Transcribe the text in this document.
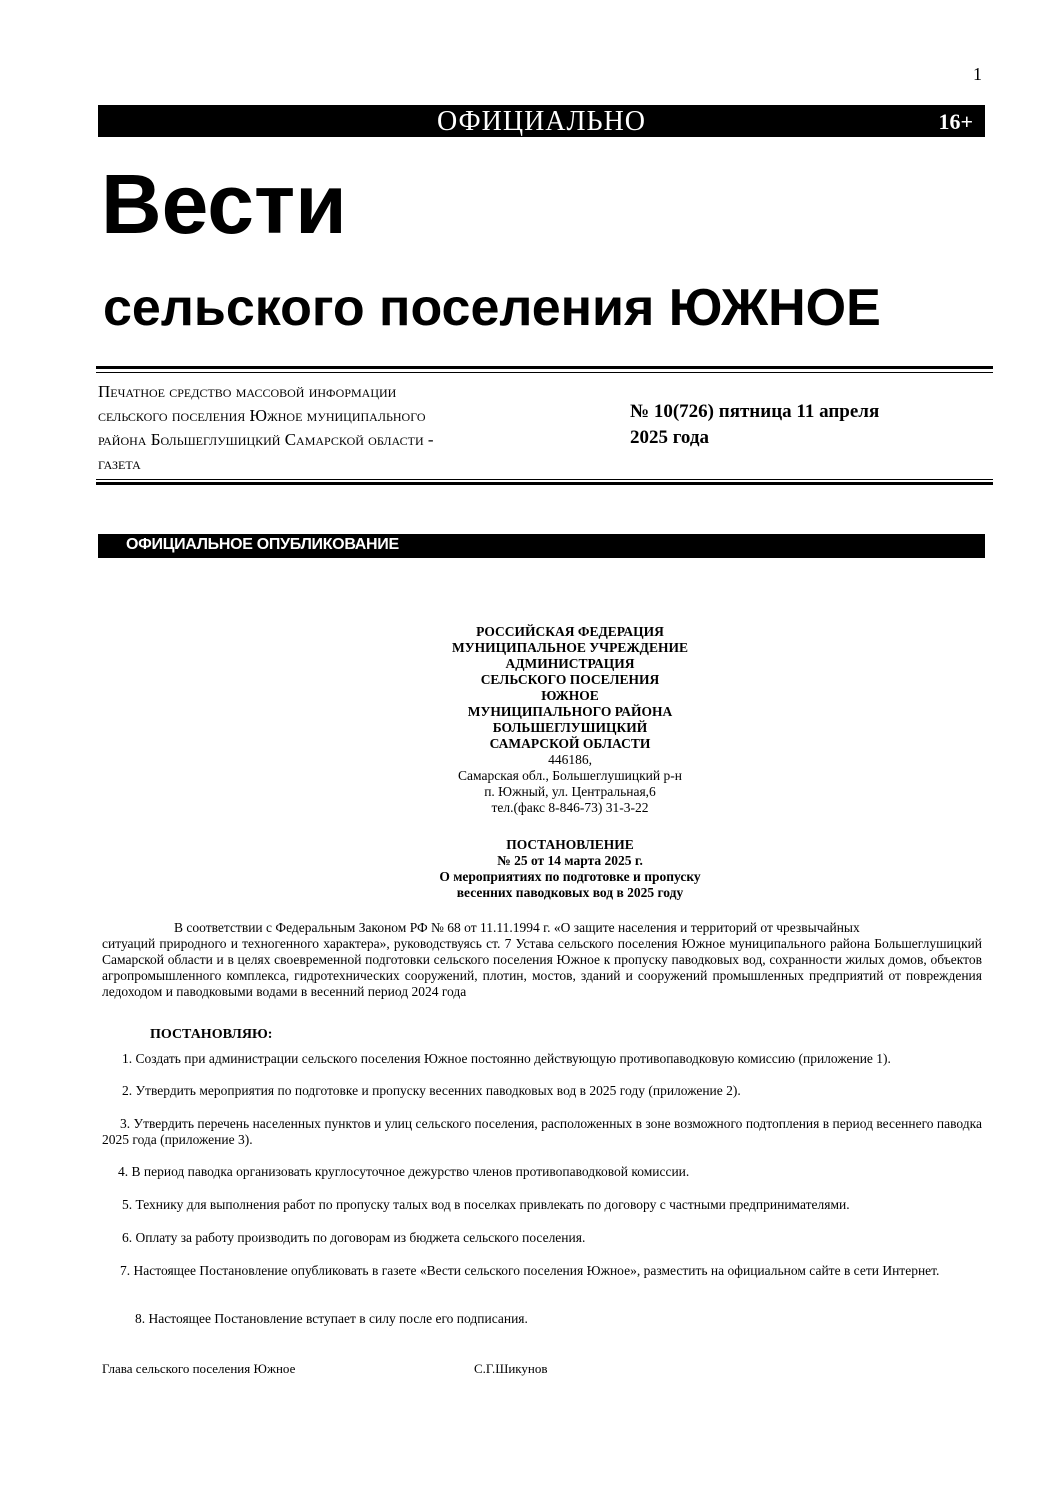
1
ОФИЦИАЛЬНО	16+
Вести
сельского поселения ЮЖНОЕ
Печатное средство массовой информации
сельского поселения Южное муниципального
района Большеглушицкий Самарской области -
газета
№ 10(726) пятница 11 апреля
2025 года
ОФИЦИАЛЬНОЕ ОПУБЛИКОВАНИЕ
РОССИЙСКАЯ ФЕДЕРАЦИЯ
МУНИЦИПАЛЬНОЕ УЧРЕЖДЕНИЕ
АДМИНИСТРАЦИЯ
СЕЛЬСКОГО ПОСЕЛЕНИЯ
ЮЖНОЕ
МУНИЦИПАЛЬНОГО РАЙОНА
БОЛЬШЕГЛУШИЦКИЙ
САМАРСКОЙ ОБЛАСТИ
446186,
Самарская обл., Большеглушицкий р-н
п. Южный, ул. Центральная,6
тел.(факс 8-846-73) 31-3-22
ПОСТАНОВЛЕНИЕ
№ 25 от 14 марта 2025 г.
О мероприятиях по подготовке и пропуску
весенних паводковых вод в 2025 году
В соответствии с Федеральным Законом РФ № 68 от 11.11.1994 г. «О защите населения и территорий от чрезвычайных
ситуаций природного и техногенного характера», руководствуясь ст. 7 Устава сельского поселения Южное муниципального района Большеглушицкий Самарской области и в целях своевременной подготовки сельского поселения Южное к пропуску паводковых вод, сохранности жилых домов, объектов агропромышленного комплекса, гидротехнических сооружений, плотин, мостов, зданий и сооружений промышленных предприятий от повреждения ледоходом и паводковыми водами в весенний период 2024 года
ПОСТАНОВЛЯЮ:
1. Создать при администрации сельского поселения Южное постоянно действующую противопаводковую комиссию (приложение 1).
2. Утвердить мероприятия по подготовке и пропуску весенних паводковых вод в 2025 году (приложение 2).
3. Утвердить перечень населенных пунктов и улиц сельского поселения, расположенных в зоне возможного подтопления в период весеннего паводка 2025 года (приложение 3).
4. В период паводка организовать круглосуточное дежурство членов противопаводковой комиссии.
5. Технику для выполнения работ по пропуску талых вод в поселках привлекать по договору с частными предпринимателями.
6. Оплату за работу производить по договорам из бюджета сельского поселения.
7. Настоящее Постановление опубликовать в газете «Вести сельского поселения Южное», разместить на официальном сайте в сети Интернет.
8. Настоящее Постановление вступает в силу после его подписания.
Глава сельского поселения Южное	С.Г.Шикунов
